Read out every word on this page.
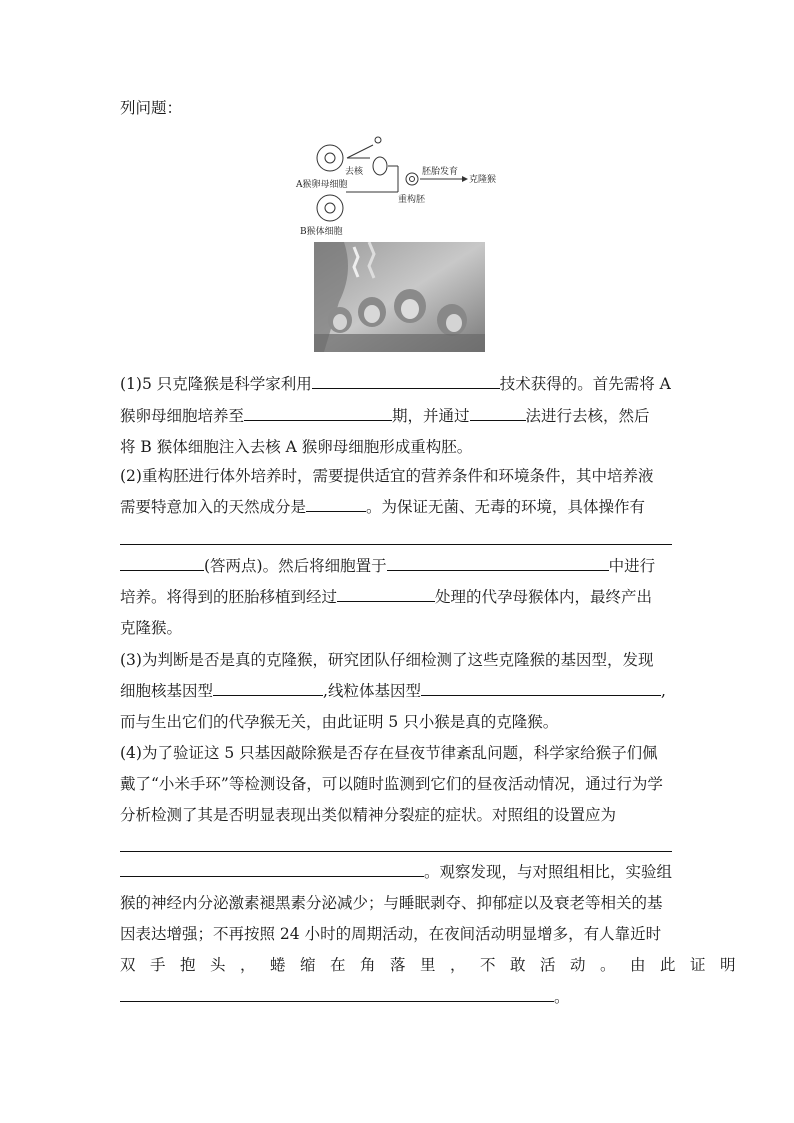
列问题：
A猴卵母细胞
B猴体细胞
去核
重构胚
胚胎发育
克隆猴
(1)5 只克隆猴是科学家利用	技术获得的。首先需将 A
猴卵母细胞培养至	期，并通过	法进行去核，然后
将 B 猴体细胞注入去核 A 猴卵母细胞形成重构胚。
(2)重构胚进行体外培养时，需要提供适宜的营养条件和环境条件，其中培养液
需要特意加入的天然成分是	。为保证无菌、无毒的环境，具体操作有
(答两点)。然后将细胞置于	中进行
培养。将得到的胚胎移植到经过	处理的代孕母猴体内，最终产出
克隆猴。
(3)为判断是否是真的克隆猴，研究团队仔细检测了这些克隆猴的基因型，发现
细胞核基因型	,线粒体基因型	,
而与生出它们的代孕猴无关，由此证明 5 只小猴是真的克隆猴。
(4)为了验证这 5 只基因敲除猴是否存在昼夜节律紊乱问题，科学家给猴子们佩
戴了“小米手环”等检测设备，可以随时监测到它们的昼夜活动情况，通过行为学
分析检测了其是否明显表现出类似精神分裂症的症状。对照组的设置应为
。观察发现，与对照组相比，实验组
猴的神经内分泌激素褪黑素分泌减少；与睡眠剥夺、抑郁症以及衰老等相关的基
因表达增强；不再按照 24 小时的周期活动，在夜间活动明显增多，有人靠近时
双手抱头，蜷缩在角落里，不敢活动。由此证明
。
